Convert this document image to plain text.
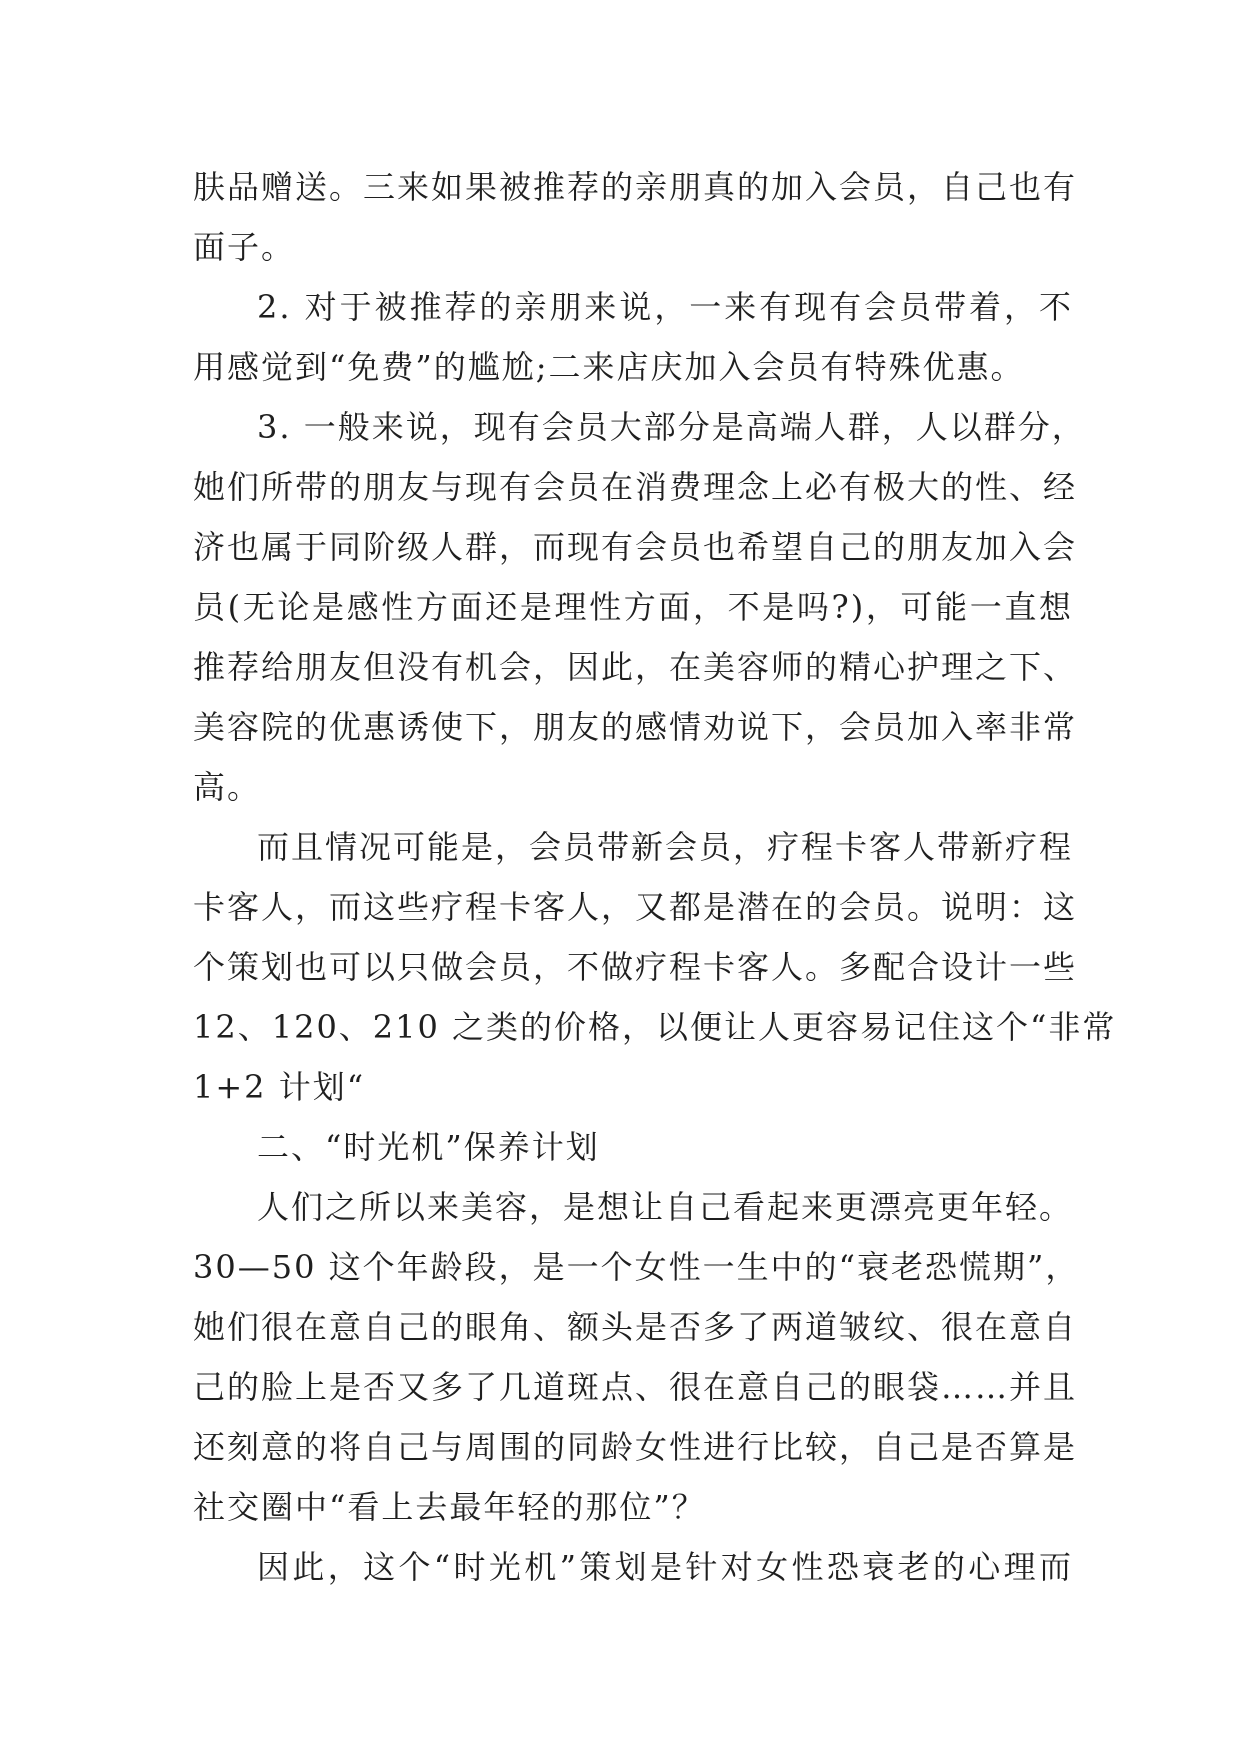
肤品赠送。三来如果被推荐的亲朋真的加入会员，自己也有
面子。
2. 对于被推荐的亲朋来说，一来有现有会员带着，不
用感觉到“免费”的尴尬;二来店庆加入会员有特殊优惠。
3. 一般来说，现有会员大部分是高端人群，人以群分，
她们所带的朋友与现有会员在消费理念上必有极大的性、经
济也属于同阶级人群，而现有会员也希望自己的朋友加入会
员(无论是感性方面还是理性方面，不是吗?)，可能一直想
推荐给朋友但没有机会，因此，在美容师的精心护理之下、
美容院的优惠诱使下，朋友的感情劝说下，会员加入率非常
高。
而且情况可能是，会员带新会员，疗程卡客人带新疗程
卡客人，而这些疗程卡客人，又都是潜在的会员。说明：这
个策划也可以只做会员，不做疗程卡客人。多配合设计一些
12、120、210 之类的价格，以便让人更容易记住这个“非常
1+2 计划“
二、“时光机”保养计划
人们之所以来美容，是想让自己看起来更漂亮更年轻。
30—50 这个年龄段，是一个女性一生中的“衰老恐慌期”，
她们很在意自己的眼角、额头是否多了两道皱纹、很在意自
己的脸上是否又多了几道斑点、很在意自己的眼袋……并且
还刻意的将自己与周围的同龄女性进行比较，自己是否算是
社交圈中“看上去最年轻的那位”？
因此，这个“时光机”策划是针对女性恐衰老的心理而
